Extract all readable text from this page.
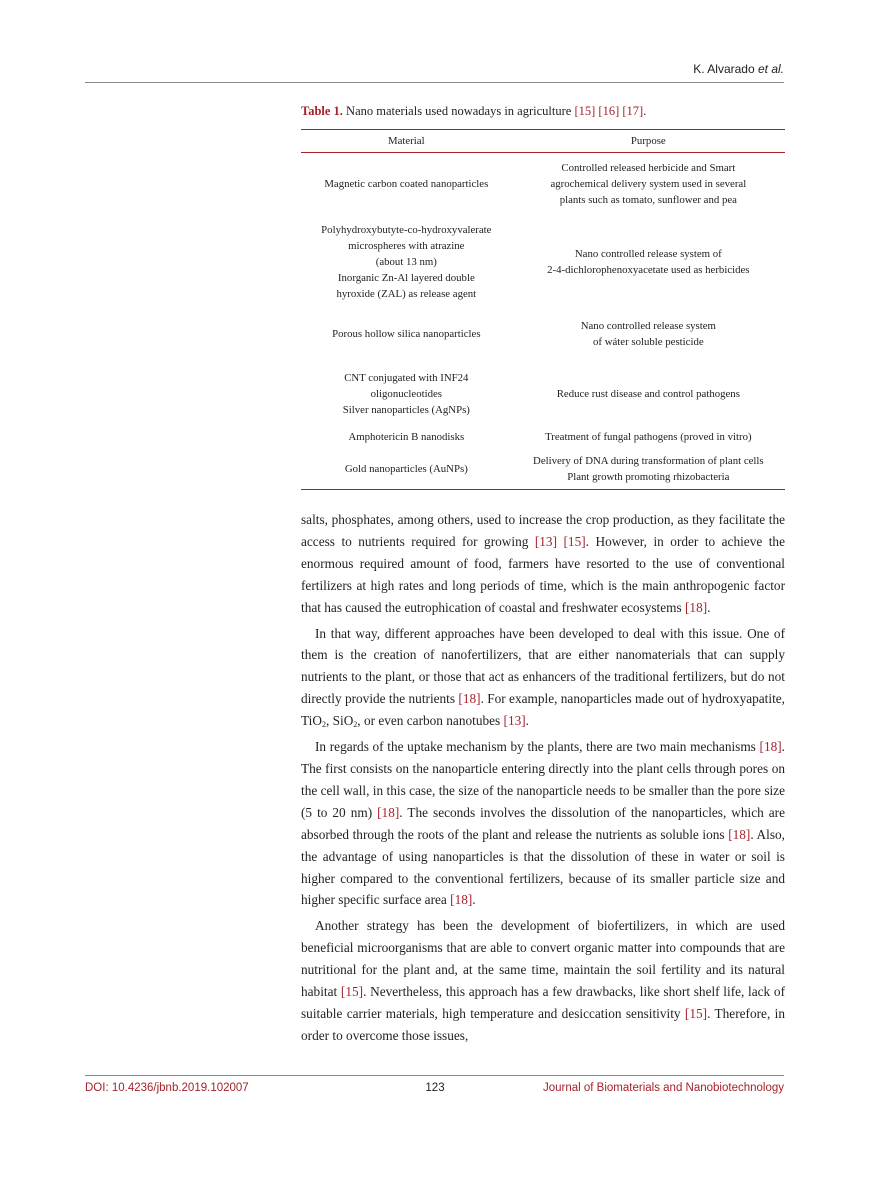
K. Alvarado et al.
Table 1. Nano materials used nowadays in agriculture [15] [16] [17].
Material	Purpose

Magnetic carbon coated nanoparticles	Controlled released herbicide and Smart
agrochemical delivery system used in several
plants such as tomato, sunflower and pea

Polyhydroxybutyte-co-hydroxyvalerate
microspheres with atrazine
(about 13 nm)
Inorganic Zn-Al layered double
hyroxide (ZAL) as release agent	Nano controlled release system of
2-4-dichlorophenoxyacetate used as herbicides

Porous hollow silica nanoparticles	Nano controlled release system
of wáter soluble pesticide

CNT conjugated with INF24
oligonucleotides
Silver nanoparticles (AgNPs)	Reduce rust disease and control pathogens

Amphotericin B nanodisks	Treatment of fungal pathogens (proved in vitro)

Gold nanoparticles (AuNPs)	Delivery of DNA during transformation of plant cells
Plant growth promoting rhizobacteria

salts, phosphates, among others, used to increase the crop production, as they facilitate the access to nutrients required for growing [13] [15]. However, in order to achieve the enormous required amount of food, farmers have resorted to the use of conventional fertilizers at high rates and long periods of time, which is the main anthropogenic factor that has caused the eutrophication of coastal and freshwater ecosystems [18].

In that way, different approaches have been developed to deal with this issue. One of them is the creation of nanofertilizers, that are either nanomaterials that can supply nutrients to the plant, or those that act as enhancers of the traditional fertilizers, but do not directly provide the nutrients [18]. For example, nanoparticles made out of hydroxyapatite, TiO$_2$, SiO$_2$, or even carbon nanotubes [13].

In regards of the uptake mechanism by the plants, there are two main mechanisms [18]. The first consists on the nanoparticle entering directly into the plant cells through pores on the cell wall, in this case, the size of the nanoparticle needs to be smaller than the pore size (5 to 20 nm) [18]. The seconds involves the dissolution of the nanoparticles, which are absorbed through the roots of the plant and release the nutrients as soluble ions [18]. Also, the advantage of using nanoparticles is that the dissolution of these in water or soil is higher compared to the conventional fertilizers, because of its smaller particle size and higher specific surface area [18].

Another strategy has been the development of biofertilizers, in which are used beneficial microorganisms that are able to convert organic matter into compounds that are nutritional for the plant and, at the same time, maintain the soil fertility and its natural habitat [15]. Nevertheless, this approach has a few drawbacks, like short shelf life, lack of suitable carrier materials, high temperature and desiccation sensitivity [15]. Therefore, in order to overcome those issues,

DOI: 10.4236/jbnb.2019.102007	123	Journal of Biomaterials and Nanobiotechnology
